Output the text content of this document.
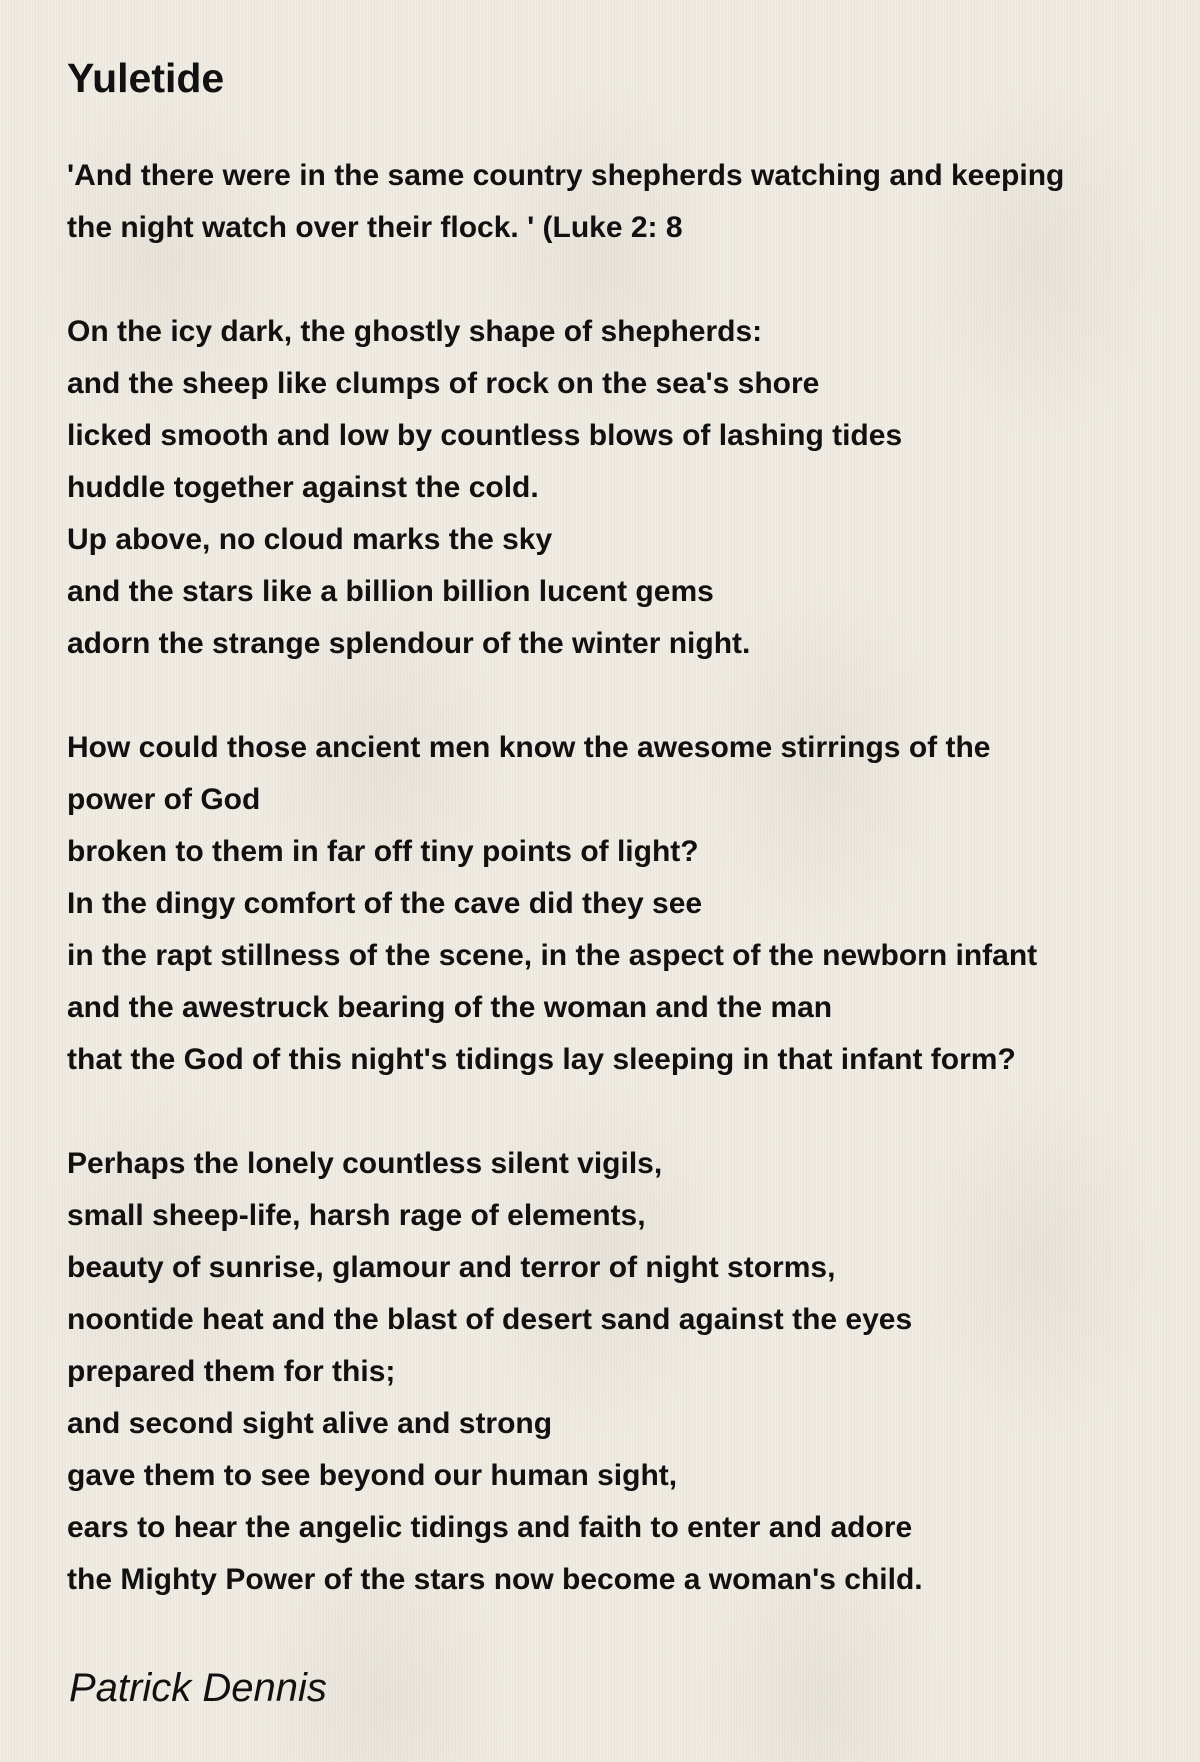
Yuletide

'And there were in the same country shepherds watching and keeping
the night watch over their flock. ' (Luke 2: 8

On the icy dark, the ghostly shape of shepherds:
and the sheep like clumps of rock on the sea's shore
licked smooth and low by countless blows of lashing tides
huddle together against the cold.
Up above, no cloud marks the sky
and the stars like a billion billion lucent gems
adorn the strange splendour of the winter night.

How could those ancient men know the awesome stirrings of the
power of God
broken to them in far off tiny points of light?
In the dingy comfort of the cave did they see
in the rapt stillness of the scene, in the aspect of the newborn infant
and the awestruck bearing of the woman and the man
that the God of this night's tidings lay sleeping in that infant form?

Perhaps the lonely countless silent vigils,
small sheep-life, harsh rage of elements,
beauty of sunrise, glamour and terror of night storms,
noontide heat and the blast of desert sand against the eyes
prepared them for this;
and second sight alive and strong
gave them to see beyond our human sight,
ears to hear the angelic tidings and faith to enter and adore
the Mighty Power of the stars now become a woman's child.

Patrick Dennis
